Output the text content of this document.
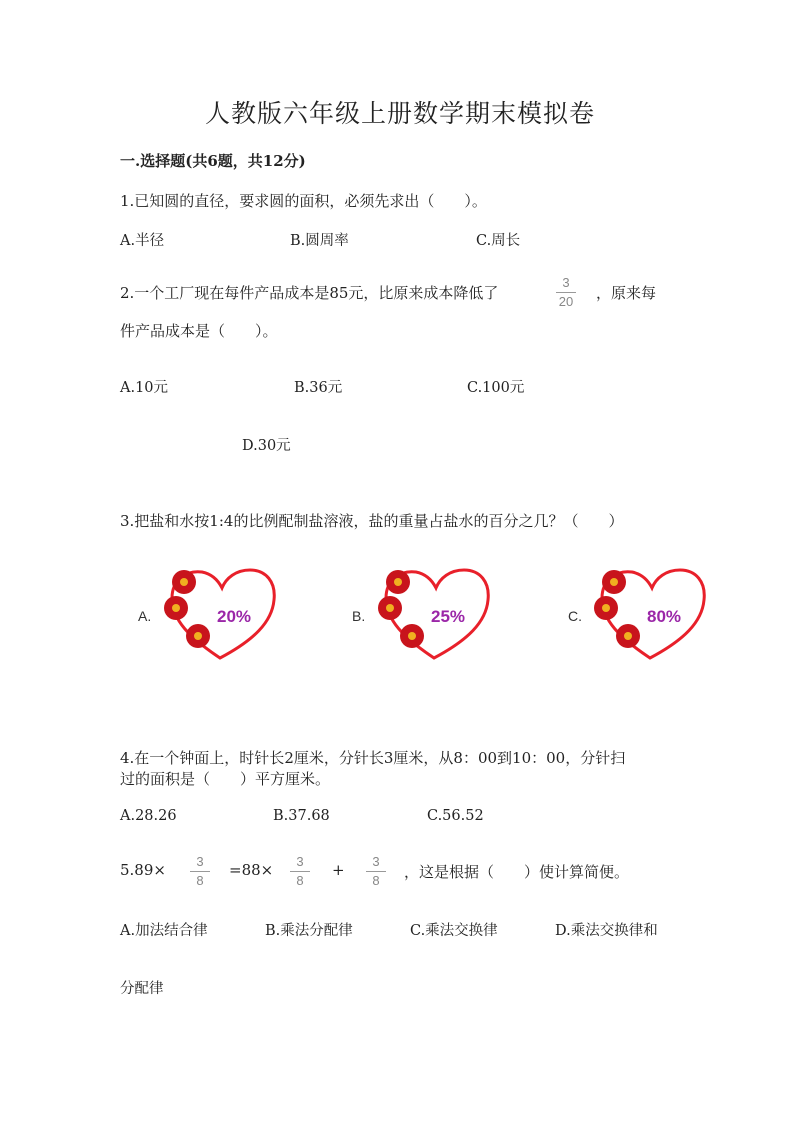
人教版六年级上册数学期末模拟卷
一.选择题(共6题，共12分)
1.已知圆的直径，要求圆的面积，必须先求出（　　）。
A.半径	B.圆周率	C.周长
2.一个工厂现在每件产品成本是85元，比原来成本降低了
3
20	，原来每
件产品成本是（　　）。
A.10元	B.36元	C.100元
D.30元
3.把盐和水按1:4的比例配制盐溶液，盐的重量占盐水的百分之几？（　　）
A.	20%	B.	25%	C.	80%
4.在一个钟面上，时针长2厘米，分针长3厘米，从8：00到10：00，分针扫
过的面积是（　　）平方厘米。
A.28.26	B.37.68	C.56.52
5.89×	3
8
=88×	3
8
+	3
8	，这是根据（　　）使计算简便。
A.加法结合律	B.乘法分配律	C.乘法交换律	D.乘法交换律和
分配律
